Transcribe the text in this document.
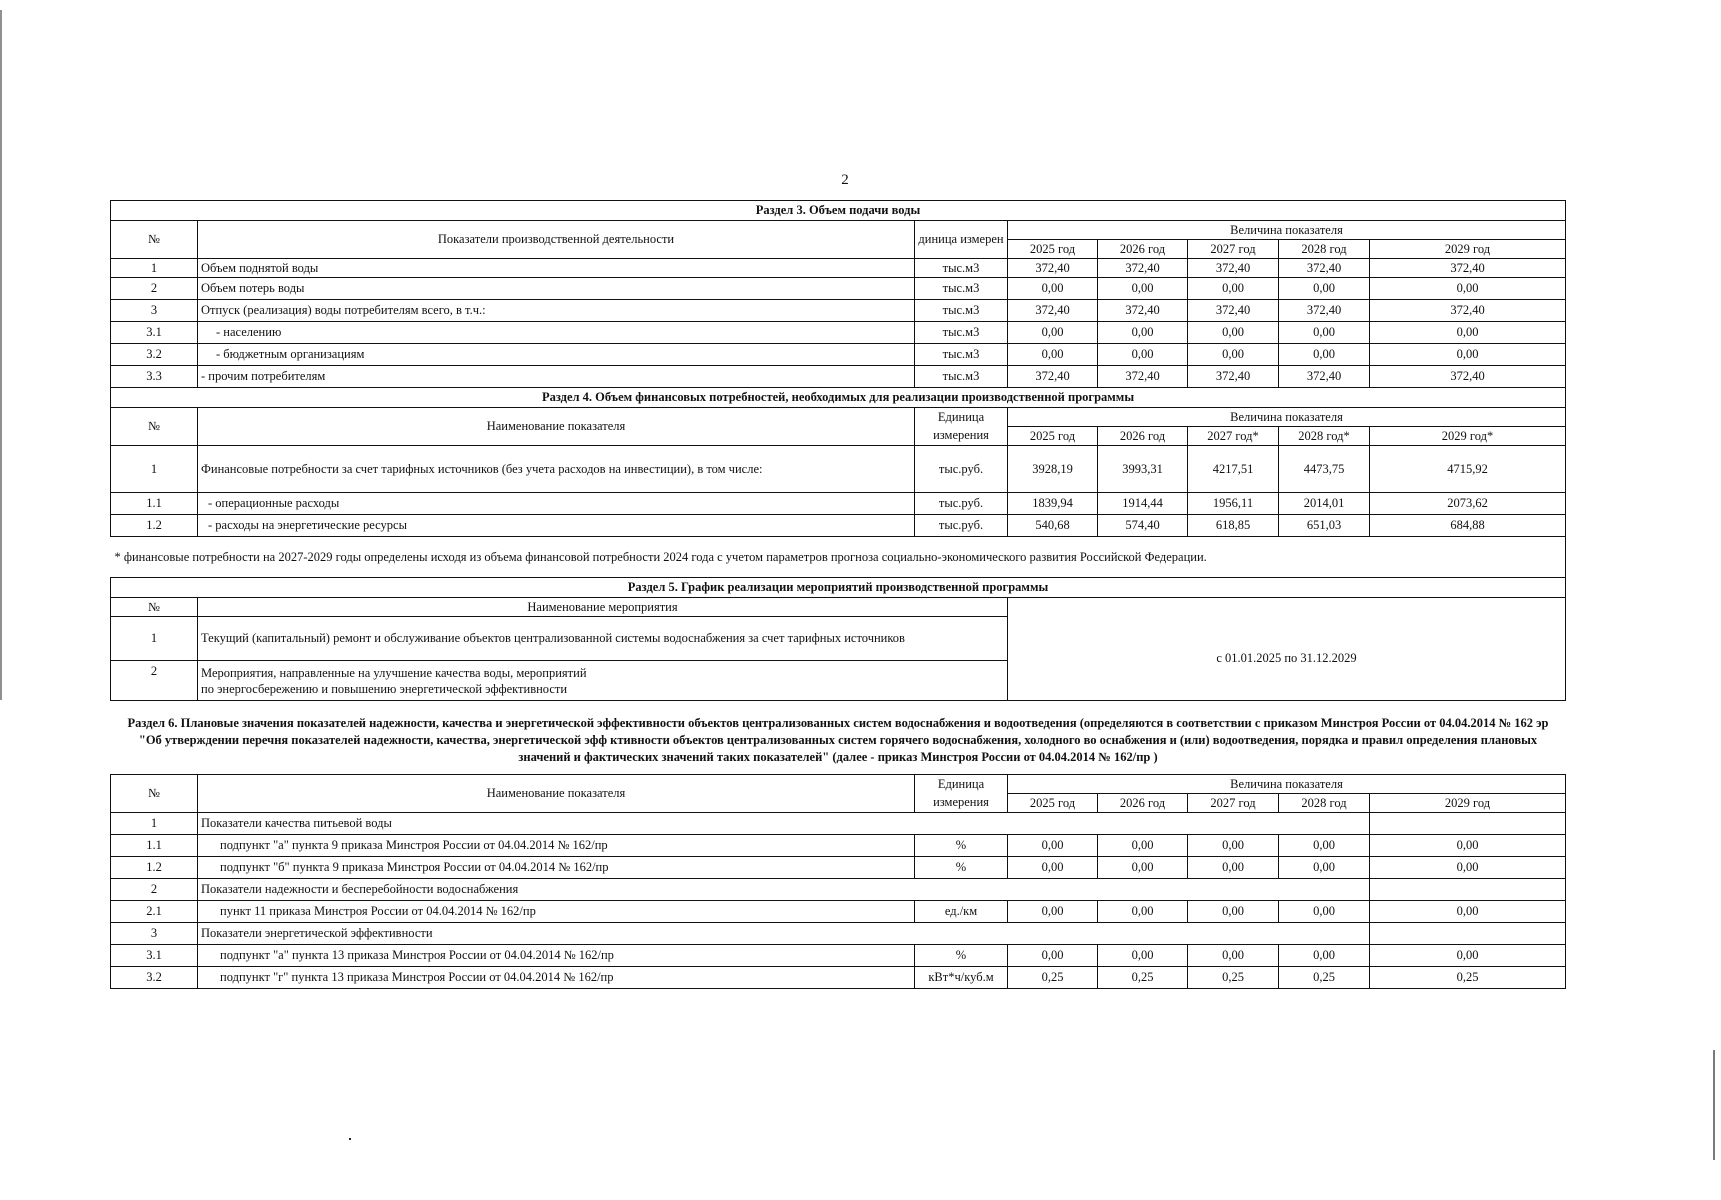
2
Раздел 3. Объем подачи воды							
№	Показатели производственной деятельности	диница измерен	Величина показателя				
			2025 год	2026 год	2027 год	2028 год	2029 год
1	Объем поднятой воды	тыс.м3	372,40	372,40	372,40	372,40	372,40
2	Объем потерь воды	тыс.м3	0,00	0,00	0,00	0,00	0,00
3	Отпуск (реализация) воды потребителям всего, в т.ч.:	тыс.м3	372,40	372,40	372,40	372,40	372,40
3.1	- населению	тыс.м3	0,00	0,00	0,00	0,00	0,00
3.2	- бюджетным организациям	тыс.м3	0,00	0,00	0,00	0,00	0,00
3.3	- прочим потребителям	тыс.м3	372,40	372,40	372,40	372,40	372,40
Раздел 4. Объем финансовых потребностей, необходимых для реализации производственной программы							
№	Наименование показателя	Единица	Величина показателя				
		измерения	2025 год	2026 год	2027 год*	2028 год*	2029 год*
1	Финансовые потребности за счет тарифных источников (без учета расходов на инвестиции), в том числе:	тыс.руб.	3928,19	3993,31	4217,51	4473,75	4715,92
1.1	- операционные расходы	тыс.руб.	1839,94	1914,44	1956,11	2014,01	2073,62
1.2	- расходы на энергетические ресурсы	тыс.руб.	540,68	574,40	618,85	651,03	684,88
* финансовые потребности на 2027-2029 годы определены исходя из объема финансовой потребности 2024 года с учетом параметров прогноза социально-экономического развития Российской Федерации.							
Раздел 5. График реализации мероприятий производственной программы							
№	Наименование мероприятия						
1	Текущий (капитальный) ремонт и обслуживание объектов централизованной системы водоснабжения за счет тарифных источников		с 01.01.2025 по 31.12.2029				
2	Мероприятия, направленные на улучшение качества воды, мероприятий
по энергосбережению и повышению энергетической эффективности						

Раздел 6. Плановые значения показателей надежности, качества и энергетической эффективности объектов централизованных систем водоснабжения и водоотведения (определяются в соответствии с приказом Минстроя России от 04.04.2014 № 162 эр "Об утверждении перечня показателей надежности, качества, энергетической эфф ктивности объектов централизованных систем горячего водоснабжения, холодного во оснабжения и (или) водоотведения, порядка и правил определения плановых значений и фактических значений таких показателей" (далее - приказ Минстроя России от 04.04.2014 № 162/пр )							
№	Наименование показателя	Единица	Величина показателя				
		измерения	2025 год	2026 год	2027 год	2028 год	2029 год
1	Показатели качества питьевой воды						
1.1	подпункт "а" пункта 9 приказа Минстроя России от 04.04.2014 № 162/пр	%	0,00	0,00	0,00	0,00	0,00
1.2	подпункт "б" пункта 9 приказа Минстроя России от 04.04.2014 № 162/пр	%	0,00	0,00	0,00	0,00	0,00
2	Показатели надежности и бесперебойности водоснабжения						
2.1	пункт 11 приказа Минстроя России от 04.04.2014 № 162/пр	ед./км	0,00	0,00	0,00	0,00	0,00
3	Показатели энергетической эффективности						
3.1	подпункт "а" пункта 13 приказа Минстроя России от 04.04.2014 № 162/пр	%	0,00	0,00	0,00	0,00	0,00
3.2	подпункт "г" пункта 13 приказа Минстроя России от 04.04.2014 № 162/пр	кВт*ч/куб.м	0,25	0,25	0,25	0,25	0,25
